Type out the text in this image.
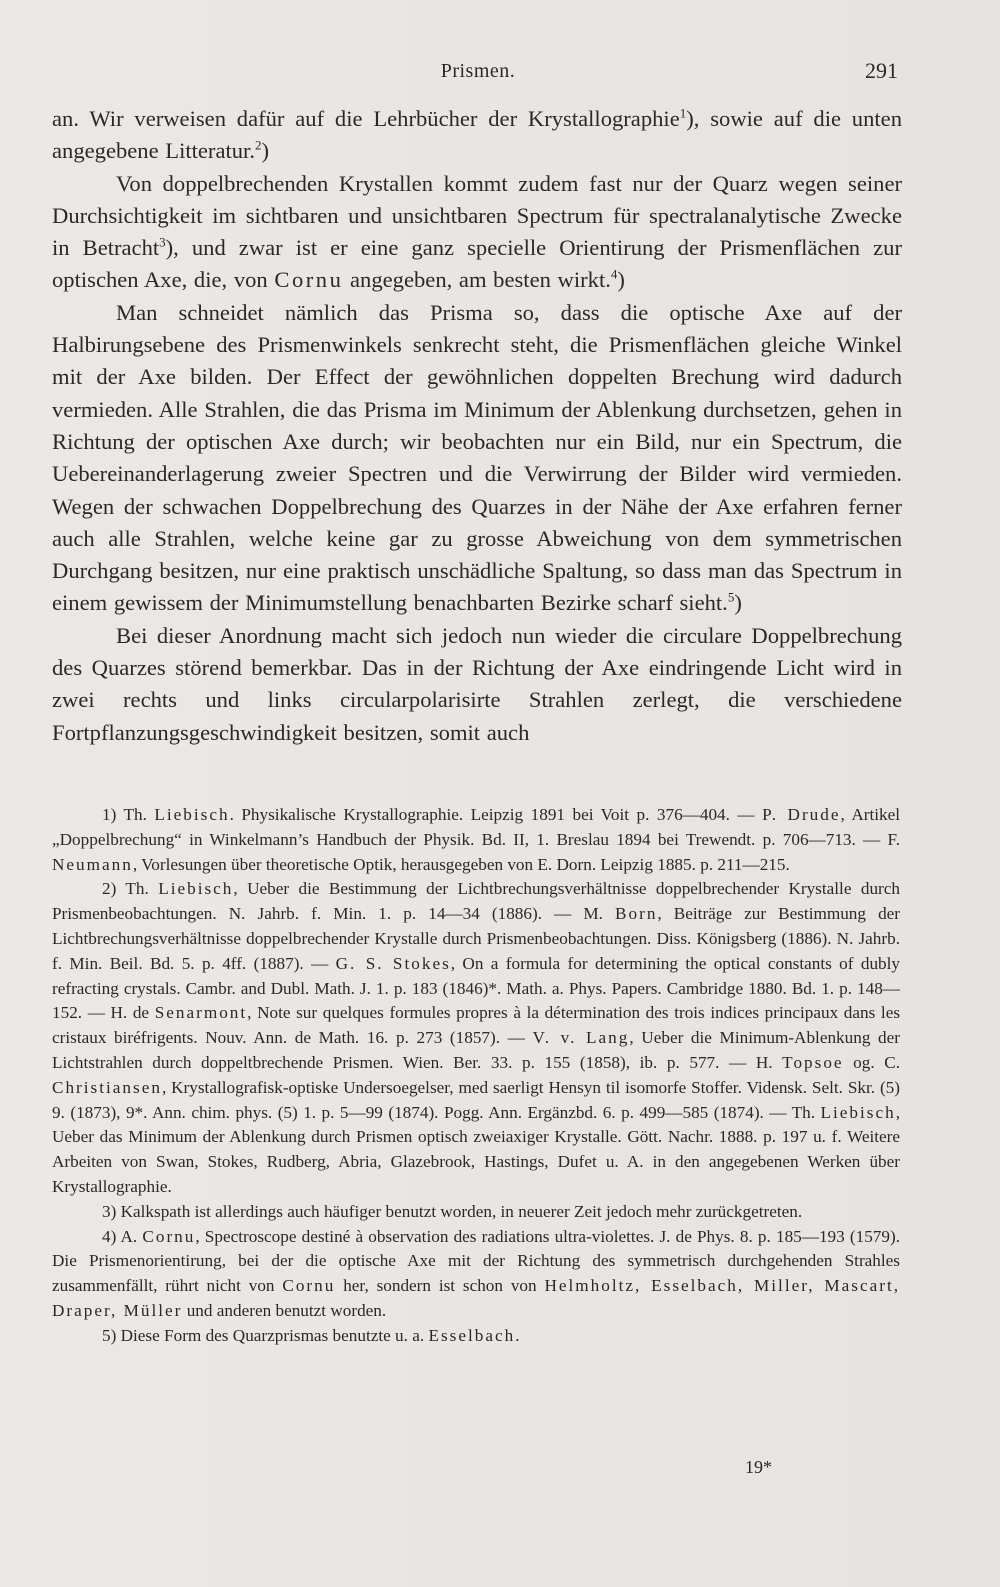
Prismen.	291

an. Wir verweisen dafür auf die Lehrbücher der Krystallographie$^1$), sowie auf die unten angegebene Litteratur.$^2$)

Von doppelbrechenden Krystallen kommt zudem fast nur der Quarz wegen seiner Durchsichtigkeit im sichtbaren und unsichtbaren Spectrum für spectralanalytische Zwecke in Betracht$^3$), und zwar ist er eine ganz specielle Orientirung der Prismenflächen zur optischen Axe, die, von Cornu angegeben, am besten wirkt.$^4$)

Man schneidet nämlich das Prisma so, dass die optische Axe auf der Halbirungsebene des Prismenwinkels senkrecht steht, die Prismenflächen gleiche Winkel mit der Axe bilden. Der Effect der gewöhnlichen doppelten Brechung wird dadurch vermieden. Alle Strahlen, die das Prisma im Minimum der Ablenkung durchsetzen, gehen in Richtung der optischen Axe durch; wir beobachten nur ein Bild, nur ein Spectrum, die Uebereinanderlagerung zweier Spectren und die Verwirrung der Bilder wird vermieden. Wegen der schwachen Doppelbrechung des Quarzes in der Nähe der Axe erfahren ferner auch alle Strahlen, welche keine gar zu grosse Abweichung von dem symmetrischen Durchgang besitzen, nur eine praktisch unschädliche Spaltung, so dass man das Spectrum in einem gewissem der Minimumstellung benachbarten Bezirke scharf sieht.$^5$)

Bei dieser Anordnung macht sich jedoch nun wieder die circulare Doppelbrechung des Quarzes störend bemerkbar. Das in der Richtung der Axe eindringende Licht wird in zwei rechts und links circularpolarisirte Strahlen zerlegt, die verschiedene Fortpflanzungsgeschwindigkeit besitzen, somit auch

1) Th. Liebisch. Physikalische Krystallographie. Leipzig 1891 bei Voit p. 376—404. — P. Drude, Artikel „Doppelbrechung“ in Winkelmann’s Handbuch der Physik. Bd. II, 1. Breslau 1894 bei Trewendt. p. 706—713. — F. Neumann, Vorlesungen über theoretische Optik, herausgegeben von E. Dorn. Leipzig 1885. p. 211—215.

2) Th. Liebisch, Ueber die Bestimmung der Lichtbrechungsverhältnisse doppelbrechender Krystalle durch Prismenbeobachtungen. N. Jahrb. f. Min. 1. p. 14—34 (1886). — M. Born, Beiträge zur Bestimmung der Lichtbrechungsverhältnisse doppelbrechender Krystalle durch Prismenbeobachtungen. Diss. Königsberg (1886). N. Jahrb. f. Min. Beil. Bd. 5. p. 4ff. (1887). — G. S. Stokes, On a formula for determining the optical constants of dubly refracting crystals. Cambr. and Dubl. Math. J. 1. p. 183 (1846)*. Math. a. Phys. Papers. Cambridge 1880. Bd. 1. p. 148—152. — H. de Senarmont, Note sur quelques formules propres à la détermination des trois indices principaux dans les cristaux biréfrigents. Nouv. Ann. de Math. 16. p. 273 (1857). — V. v. Lang, Ueber die Minimum-Ablenkung der Lichtstrahlen durch doppeltbrechende Prismen. Wien. Ber. 33. p. 155 (1858), ib. p. 577. — H. Topsoe og. C. Christiansen, Krystallografisk-optiske Undersoegelser, med saerligt Hensyn til isomorfe Stoffer. Vidensk. Selt. Skr. (5) 9. (1873), 9*. Ann. chim. phys. (5) 1. p. 5—99 (1874). Pogg. Ann. Ergänzbd. 6. p. 499—585 (1874). — Th. Liebisch, Ueber das Minimum der Ablenkung durch Prismen optisch zweiaxiger Krystalle. Gött. Nachr. 1888. p. 197 u. f. Weitere Arbeiten von Swan, Stokes, Rudberg, Abria, Glazebrook, Hastings, Dufet u. A. in den angegebenen Werken über Krystallographie.

3) Kalkspath ist allerdings auch häufiger benutzt worden, in neuerer Zeit jedoch mehr zurückgetreten.

4) A. Cornu, Spectroscope destiné à observation des radiations ultra-violettes. J. de Phys. 8. p. 185—193 (1579). Die Prismenorientirung, bei der die optische Axe mit der Richtung des symmetrisch durchgehenden Strahles zusammenfällt, rührt nicht von Cornu her, sondern ist schon von Helmholtz, Esselbach, Miller, Mascart, Draper, Müller und anderen benutzt worden.

5) Diese Form des Quarzprismas benutzte u. a. Esselbach.

19*
